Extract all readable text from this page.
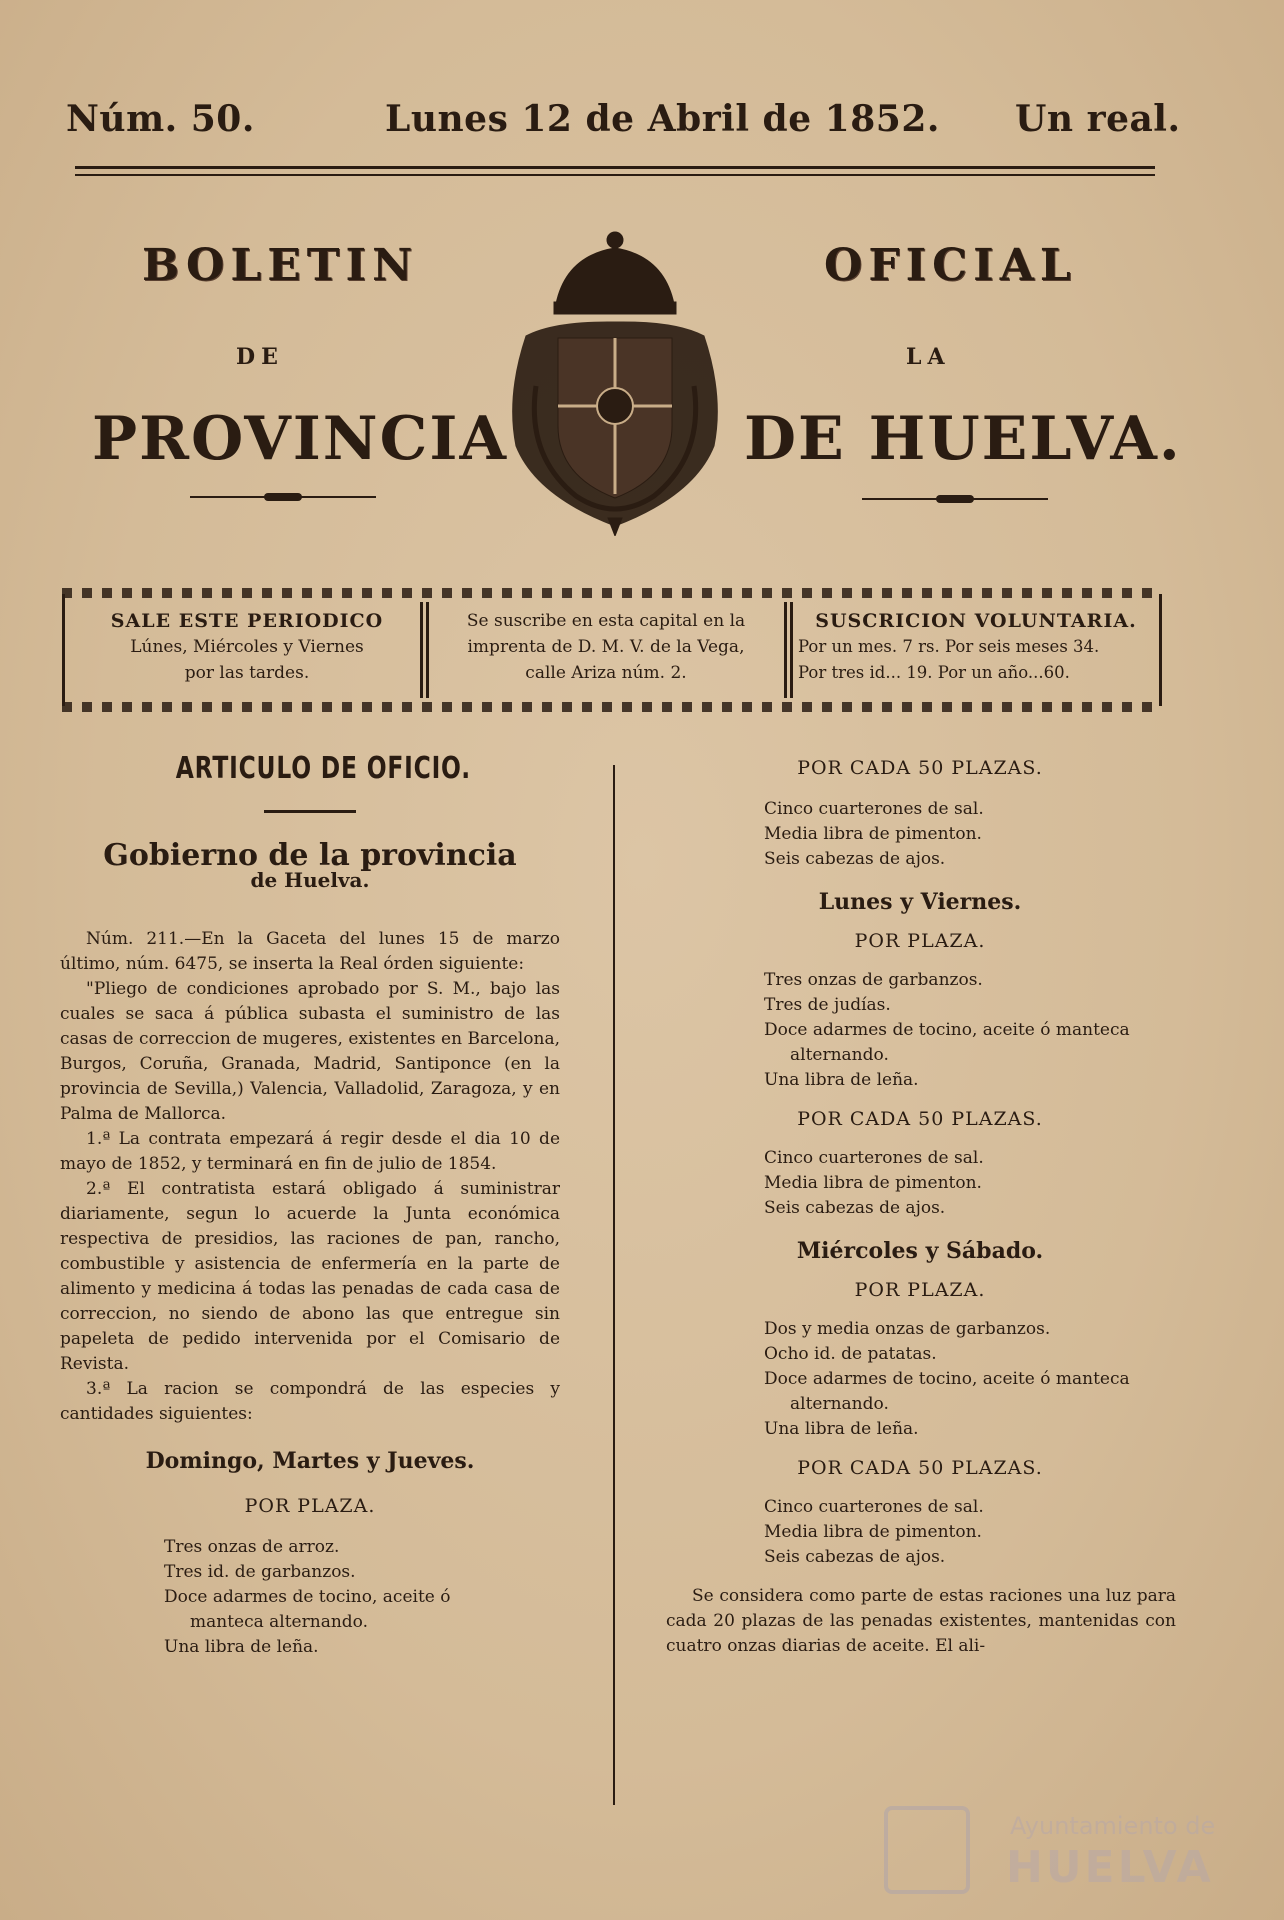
Núm. 50.	Lunes 12 de Abril de 1852. Un real.
BOLETIN	OFICIAL
DE	LA
PROVINCIA	DE HUELVA.
SALE ESTE PERIODICO
Lúnes, Miércoles y Viernes
por las tardes.
Se suscribe en esta capital en la
imprenta de D. M. V. de la Vega,
calle Ariza núm. 2.
SUSCRICION VOLUNTARIA.
Por un mes. 7 rs. Por seis meses 34.
Por tres id... 19. Por un año...60.
ARTICULO DE OFICIO.
Gobierno de la provincia
de Huelva.

Núm. 211.—En la Gaceta del lunes 15 de marzo último, núm. 6475, se inserta la Real órden siguiente:

"Pliego de condiciones aprobado por S. M., bajo las cuales se saca á pública subasta el suministro de las casas de correccion de mugeres, existentes en Barcelona, Burgos, Coruña, Granada, Madrid, Santiponce (en la provincia de Sevilla,) Valencia, Valladolid, Zaragoza, y en Palma de Mallorca.

1.ª La contrata empezará á regir desde el dia 10 de mayo de 1852, y terminará en fin de julio de 1854.

2.ª El contratista estará obligado á suministrar diariamente, segun lo acuerde la Junta económica respectiva de presidios, las raciones de pan, rancho, combustible y asistencia de enfermería en la parte de alimento y medicina á todas las penadas de cada casa de correccion, no siendo de abono las que entregue sin papeleta de pedido intervenida por el Comisario de Revista.

3.ª La racion se compondrá de las especies y cantidades siguientes:

Domingo, Martes y Jueves.
POR PLAZA.
Tres onzas de arroz.
Tres id. de garbanzos.
Doce adarmes de tocino, aceite ó manteca alternando.
Una libra de leña.
POR CADA 50 PLAZAS.
Cinco cuarterones de sal.
Media libra de pimenton.
Seis cabezas de ajos.
Lunes y Viernes.
POR PLAZA.
Tres onzas de garbanzos.
Tres de judías.
Doce adarmes de tocino, aceite ó manteca alternando.
Una libra de leña.
POR CADA 50 PLAZAS.
Cinco cuarterones de sal.
Media libra de pimenton.
Seis cabezas de ajos.
Miércoles y Sábado.
POR PLAZA.
Dos y media onzas de garbanzos.
Ocho id. de patatas.
Doce adarmes de tocino, aceite ó manteca alternando.
Una libra de leña.
POR CADA 50 PLAZAS.
Cinco cuarterones de sal.
Media libra de pimenton.
Seis cabezas de ajos.

Se considera como parte de estas raciones una luz para cada 20 plazas de las penadas existentes, mantenidas con cuatro onzas diarias de aceite. El ali-

Ayuntamiento de
HUELVA
